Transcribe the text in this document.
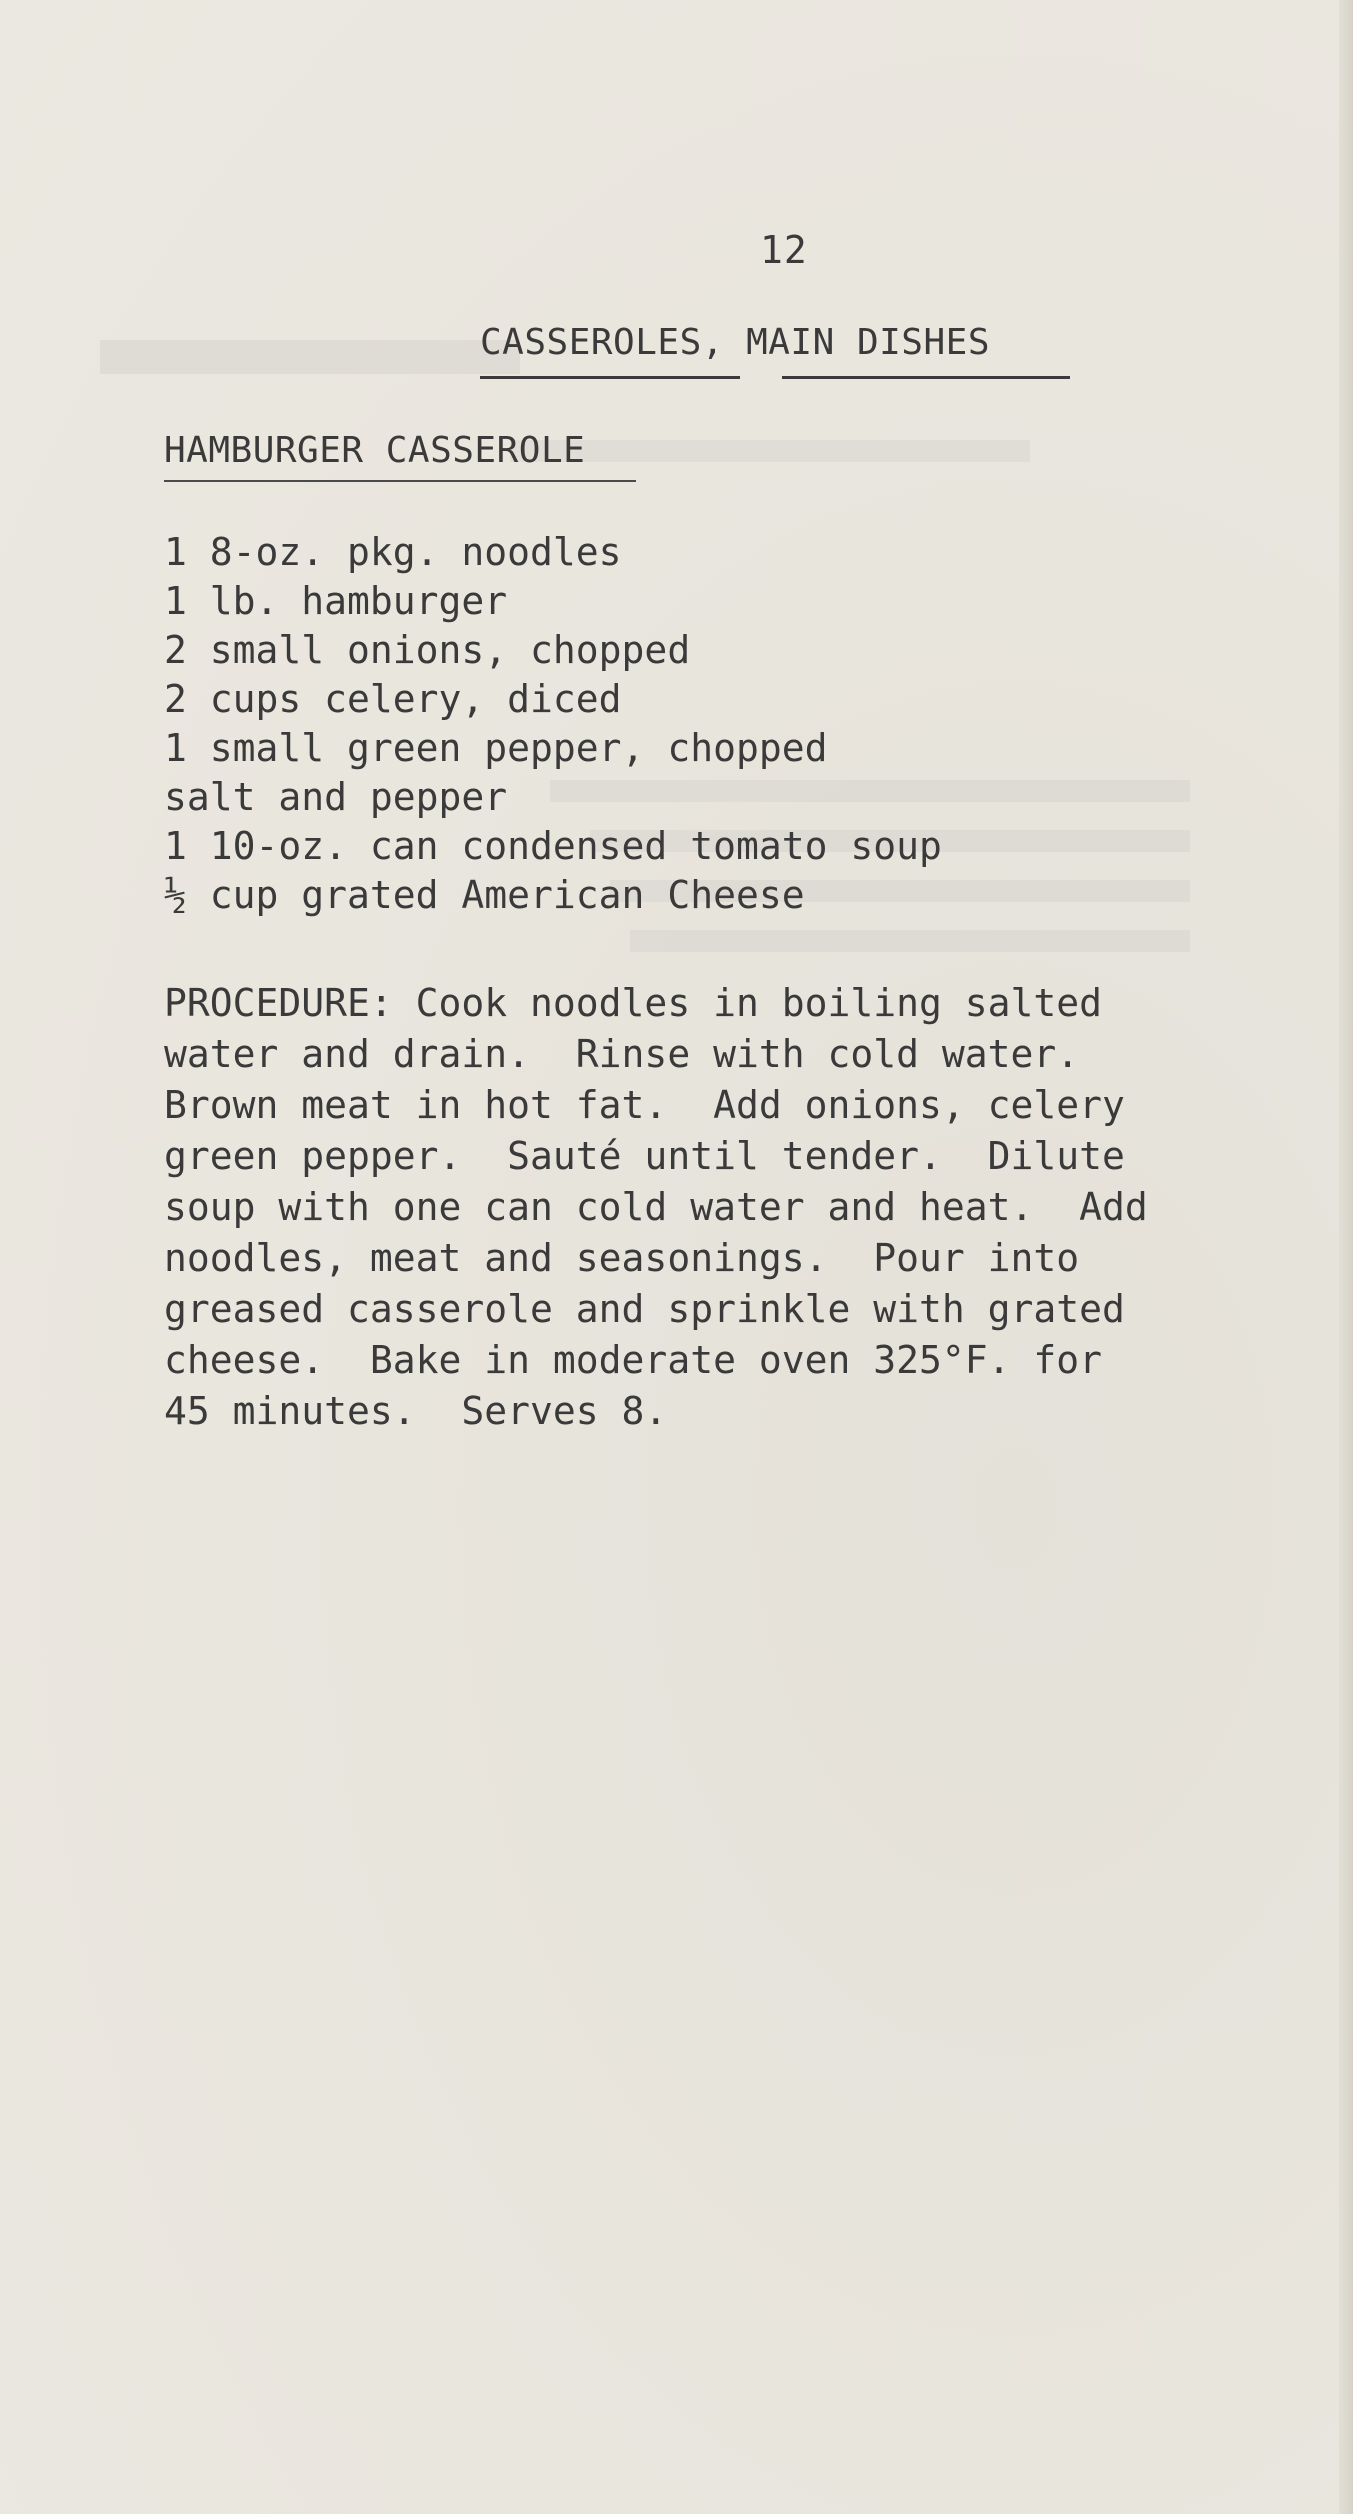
12
CASSEROLES, MAIN DISHES
HAMBURGER CASSEROLE
1 8-oz. pkg. noodles
1 lb. hamburger
2 small onions, chopped
2 cups celery, diced
1 small green pepper, chopped
salt and pepper
1 10-oz. can condensed tomato soup
½ cup grated American Cheese
PROCEDURE: Cook noodles in boiling salted
water and drain.  Rinse with cold water.
Brown meat in hot fat.  Add onions, celery
green pepper.  Sauté until tender.  Dilute
soup with one can cold water and heat.  Add
noodles, meat and seasonings.  Pour into
greased casserole and sprinkle with grated
cheese.  Bake in moderate oven 325°F. for
45 minutes.  Serves 8.
